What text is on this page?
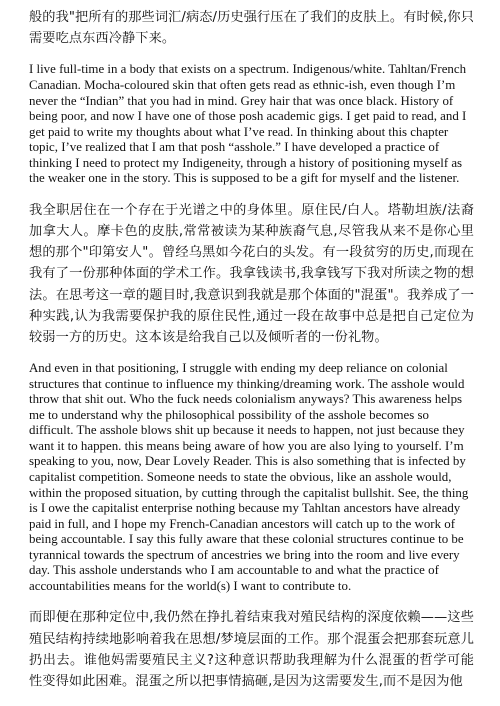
般的我"把所有的那些词汇/病态/历史强行压在了我们的皮肤上。有时候,你只需要吃点东西冷静下来。

I live full-time in a body that exists on a spectrum. Indigenous/white. Tahltan/French Canadian. Mocha-coloured skin that often gets read as ethnic-ish, even though I’m never the “Indian” that you had in mind. Grey hair that was once black. History of being poor, and now I have one of those posh academic gigs. I get paid to read, and I get paid to write my thoughts about what I’ve read. In thinking about this chapter topic, I’ve realized that I am that posh “asshole.” I have developed a practice of thinking I need to protect my Indigeneity, through a history of positioning myself as the weaker one in the story. This is supposed to be a gift for myself and the listener.

我全职居住在一个存在于光谱之中的身体里。原住民/白人。塔勒坦族/法裔加拿大人。摩卡色的皮肤,常常被读为某种族裔气息,尽管我从来不是你心里想的那个"印第安人"。曾经乌黑如今花白的头发。有一段贫穷的历史,而现在我有了一份那种体面的学术工作。我拿钱读书,我拿钱写下我对所读之物的想法。在思考这一章的题目时,我意识到我就是那个体面的"混蛋"。我养成了一种实践,认为我需要保护我的原住民性,通过一段在故事中总是把自己定位为较弱一方的历史。这本该是给我自己以及倾听者的一份礼物。

And even in that positioning, I struggle with ending my deep reliance on colonial structures that continue to influence my thinking/dreaming work. The asshole would throw that shit out. Who the fuck needs colonialism anyways? This awareness helps me to understand why the philosophical possibility of the asshole becomes so difficult. The asshole blows shit up because it needs to happen, not just because they want it to happen. this means being aware of how you are also lying to yourself. I’m speaking to you, now, Dear Lovely Reader. This is also something that is infected by capitalist competition. Someone needs to state the obvious, like an asshole would, within the proposed situation, by cutting through the capitalist bullshit. See, the thing is I owe the capitalist enterprise nothing because my Tahltan ancestors have already paid in full, and I hope my French-Canadian ancestors will catch up to the work of being accountable. I say this fully aware that these colonial structures continue to be tyrannical towards the spectrum of ancestries we bring into the room and live every day. This asshole understands who I am accountable to and what the practice of accountabilities means for the world(s) I want to contribute to.

而即便在那种定位中,我仍然在挣扎着结束我对殖民结构的深度依赖——这些殖民结构持续地影响着我在思想/梦境层面的工作。那个混蛋会把那套玩意儿扔出去。谁他妈需要殖民主义?这种意识帮助我理解为什么混蛋的哲学可能性变得如此困难。混蛋之所以把事情搞砸,是因为这需要发生,而不是因为他
